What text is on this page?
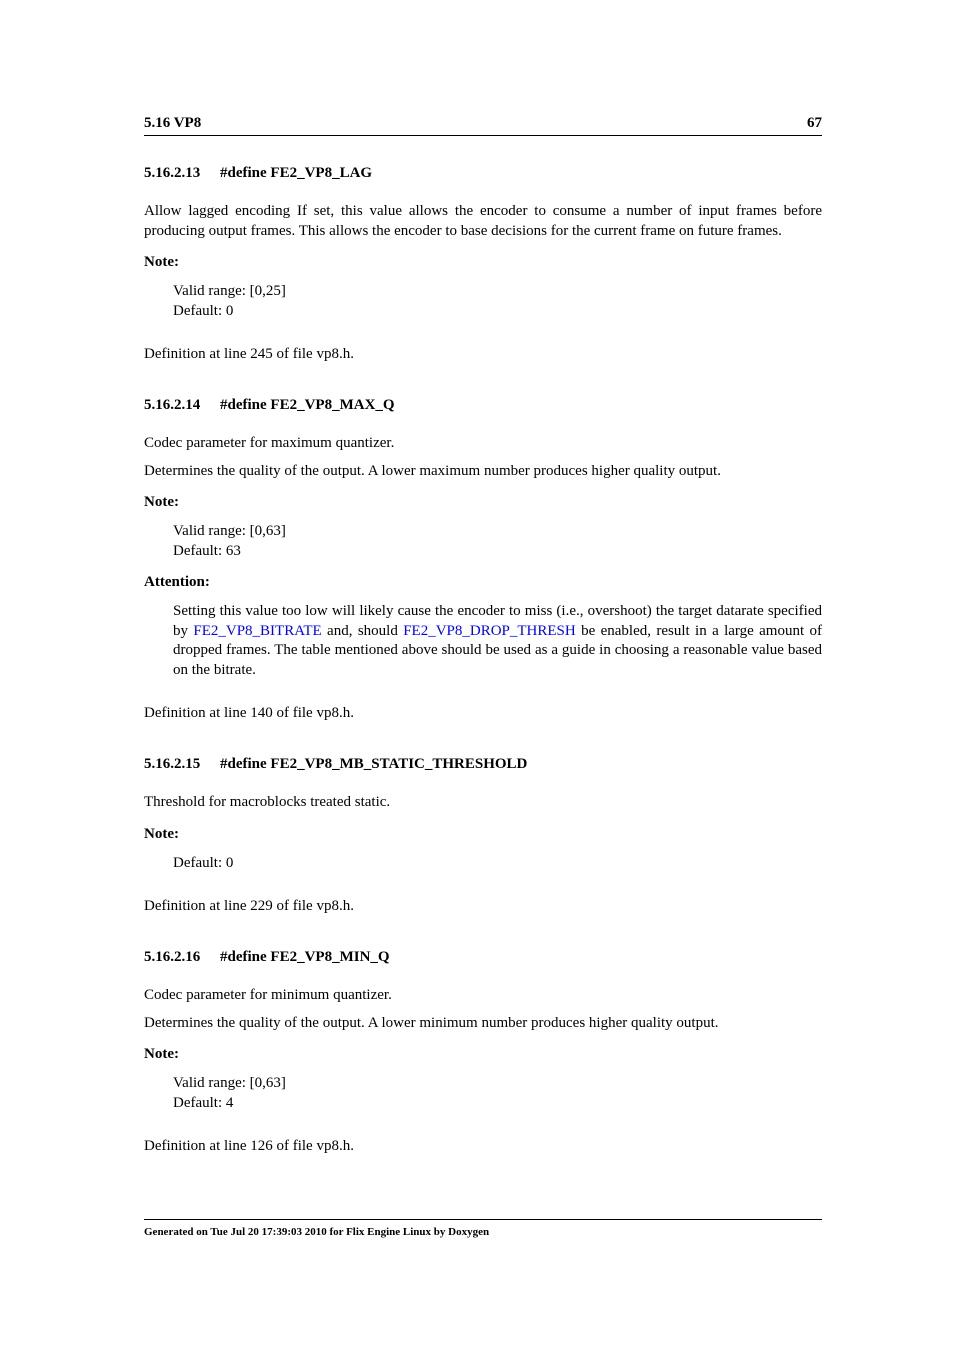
5.16 VP8	67
5.16.2.13 #define FE2_VP8_LAG

Allow lagged encoding If set, this value allows the encoder to consume a number of input frames before producing output frames. This allows the encoder to base decisions for the current frame on future frames.

Note:
Valid range: [0,25]
Default: 0

Definition at line 245 of file vp8.h.

5.16.2.14 #define FE2_VP8_MAX_Q

Codec parameter for maximum quantizer.

Determines the quality of the output. A lower maximum number produces higher quality output.

Note:
Valid range: [0,63]
Default: 63
Attention:
Setting this value too low will likely cause the encoder to miss (i.e., overshoot) the target datarate specified by FE2_VP8_BITRATE and, should FE2_VP8_DROP_THRESH be enabled, result in a large amount of dropped frames. The table mentioned above should be used as a guide in choosing a reasonable value based on the bitrate.

Definition at line 140 of file vp8.h.

5.16.2.15 #define FE2_VP8_MB_STATIC_THRESHOLD

Threshold for macroblocks treated static.

Note:
Default: 0

Definition at line 229 of file vp8.h.

5.16.2.16 #define FE2_VP8_MIN_Q

Codec parameter for minimum quantizer.

Determines the quality of the output. A lower minimum number produces higher quality output.

Note:
Valid range: [0,63]
Default: 4

Definition at line 126 of file vp8.h.

Generated on Tue Jul 20 17:39:03 2010 for Flix Engine Linux by Doxygen
